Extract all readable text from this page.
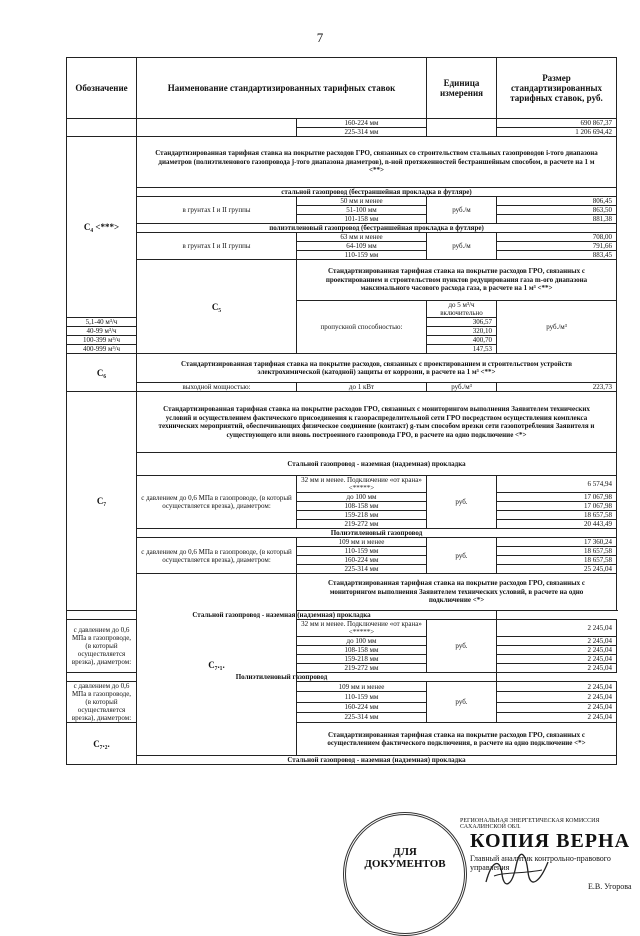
7
Обозначение	Наименование стандартизированных тарифных ставок		Единица измерения	Размер стандартизированных тарифных ставок, руб.	
		160-224 мм		690 867,37	
		225-314 мм		1 206 694,42	
C₄ <***>	Стандартизированная тарифная ставка на покрытие расходов ГРО, связанных со строительством стальных газопроводов i-того диапазона диаметров (полиэтиленового газопровода j-того диапазона диаметров), n-ной протяженностей бестраншейным способом, в расчете на 1 м <**>				
	стальной газопровод (бестраншейная прокладка в футляре)				
	в грунтах I и II группы	50 мм и менее	руб./м	806,45	
		51-100 мм		863,50	
		101-158 мм		881,38	
	полиэтиленовый газопровод (бестраншейная прокладка в футляре)				
	в грунтах I и II группы	63 мм и менее	руб./м	708,00	
		64-109 мм		791,66	
		110-159 мм		883,45	
	C₅	Стандартизированная тарифная ставка на покрытие расходов ГРО, связанных с проектированием и строительством пунктов редуцирования газа m-ого диапазона максимального часового расхода газа, в расчете на 1 м³ <**>			
		пропускной способностью:	до 5 м³/ч включительно	руб./м³	
5,1-40 м³/ч			306,57		
40-99 м³/ч			320,10		
100-399 м³/ч			400,70		
400-999 м³/ч			147,53		
C₆	Стандартизированная тарифная ставка на покрытие расходов, связанных с проектированием и строительством устройств электрохимической (катодной) защиты от коррозии, в расчете на 1 м³ <**>				
	выходной мощностью:	до 1 кВт	руб./м³	223,73	
C₇	Стандартизированная тарифная ставка на покрытие расходов ГРО, связанных с мониторингом выполнения Заявителем технических условий и осуществлением фактического присоединения к газораспределительной сети ГРО посредством осуществления комплекса технических мероприятий, обеспечивающих физическое соединение (контакт) g-тым способом врезки сети газопотребления Заявителя и существующего или вновь построенного газопровода ГРО, в расчете на одно подключение <*>				
	Стальной газопровод - наземная (надземная) прокладка				
	с давлением до 0,6 МПа в газопроводе, (в который осуществляется врезка), диаметром:	32 мм и менее. Подключение «от крана» <*****>	руб.	6 574,94	
		до 100 мм		17 067,98	
		108-158 мм		17 067,98	
		159-218 мм		18 657,58	
		219-272 мм		20 443,49	
	Полиэтиленовый газопровод				
	с давлением до 0,6 МПа в газопроводе, (в который осуществляется врезка), диаметром:	109 мм и менее	руб.	17 360,24	
		110-159 мм		18 657,58	
		160-224 мм		18 657,58	
		225-314 мм		25 245,04	
	C₇.₁.	Стандартизированная тарифная ставка на покрытие расходов ГРО, связанных с мониторингом выполнения Заявителем технических условий, в расчете на одно подключение <*>			
Стальной газопровод - наземная (надземная) прокладка					
с давлением до 0,6 МПа в газопроводе, (в который осуществляется врезка), диаметром:		32 мм и менее. Подключение «от крана» <*****>	руб.	2 245,04	
		до 100 мм		2 245,04	
		108-158 мм		2 245,04	
		159-218 мм		2 245,04	
		219-272 мм		2 245,04	
Полиэтиленовый газопровод					
с давлением до 0,6 МПа в газопроводе, (в который осуществляется врезка), диаметром:		109 мм и менее	руб.	2 245,04	
		110-159 мм		2 245,04	
		160-224 мм		2 245,04	
		225-314 мм		2 245,04	
C₇.₂.		Стандартизированная тарифная ставка на покрытие расходов ГРО, связанных с осуществлением фактического подключения, в расчете на одно подключение <*>			
	Стальной газопровод - наземная (надземная) прокладка				
ДЛЯ
ДОКУМЕНТОВ
РЕГИОНАЛЬНАЯ ЭНЕРГЕТИЧЕСКАЯ КОМИССИЯ САХАЛИНСКОЙ ОБЛ.
КОПИЯ ВЕРНА
Главный аналитик контрольно-правового управления
Е.В. Угорова
